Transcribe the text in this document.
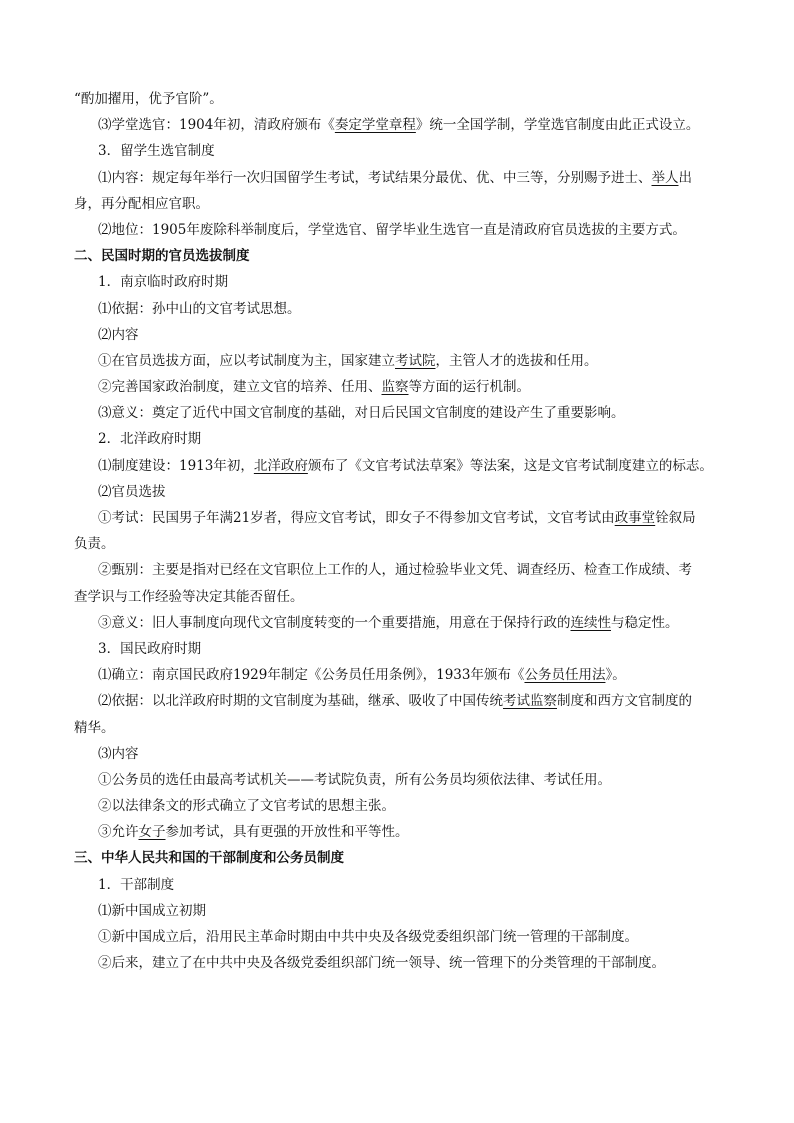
“酌加擢用，优予官阶”。
⑶学堂选官：1904年初，清政府颁布《奏定学堂章程》统一全国学制，学堂选官制度由此正式设立。
3．留学生选官制度
⑴内容：规定每年举行一次归国留学生考试，考试结果分最优、优、中三等，分别赐予进士、举人出
身，再分配相应官职。
⑵地位：1905年废除科举制度后，学堂选官、留学毕业生选官一直是清政府官员选拔的主要方式。
二、民国时期的官员选拔制度
1．南京临时政府时期
⑴依据：孙中山的文官考试思想。
⑵内容
①在官员选拔方面，应以考试制度为主，国家建立考试院，主管人才的选拔和任用。
②完善国家政治制度，建立文官的培养、任用、监察等方面的运行机制。
⑶意义：奠定了近代中国文官制度的基础，对日后民国文官制度的建设产生了重要影响。
2．北洋政府时期
⑴制度建设：1913年初，北洋政府颁布了《文官考试法草案》等法案，这是文官考试制度建立的标志。
⑵官员选拔
①考试：民国男子年满21岁者，得应文官考试，即女子不得参加文官考试，文官考试由政事堂铨叙局
负责。
②甄别：主要是指对已经在文官职位上工作的人，通过检验毕业文凭、调查经历、检查工作成绩、考
查学识与工作经验等决定其能否留任。
③意义：旧人事制度向现代文官制度转变的一个重要措施，用意在于保持行政的连续性与稳定性。
3．国民政府时期
⑴确立：南京国民政府1929年制定《公务员任用条例》，1933年颁布《公务员任用法》。
⑵依据：以北洋政府时期的文官制度为基础，继承、吸收了中国传统考试监察制度和西方文官制度的
精华。
⑶内容
①公务员的选任由最高考试机关——考试院负责，所有公务员均须依法律、考试任用。
②以法律条文的形式确立了文官考试的思想主张。
③允许女子参加考试，具有更强的开放性和平等性。
三、中华人民共和国的干部制度和公务员制度
1．干部制度
⑴新中国成立初期
①新中国成立后，沿用民主革命时期由中共中央及各级党委组织部门统一管理的干部制度。
②后来，建立了在中共中央及各级党委组织部门统一领导、统一管理下的分类管理的干部制度。
